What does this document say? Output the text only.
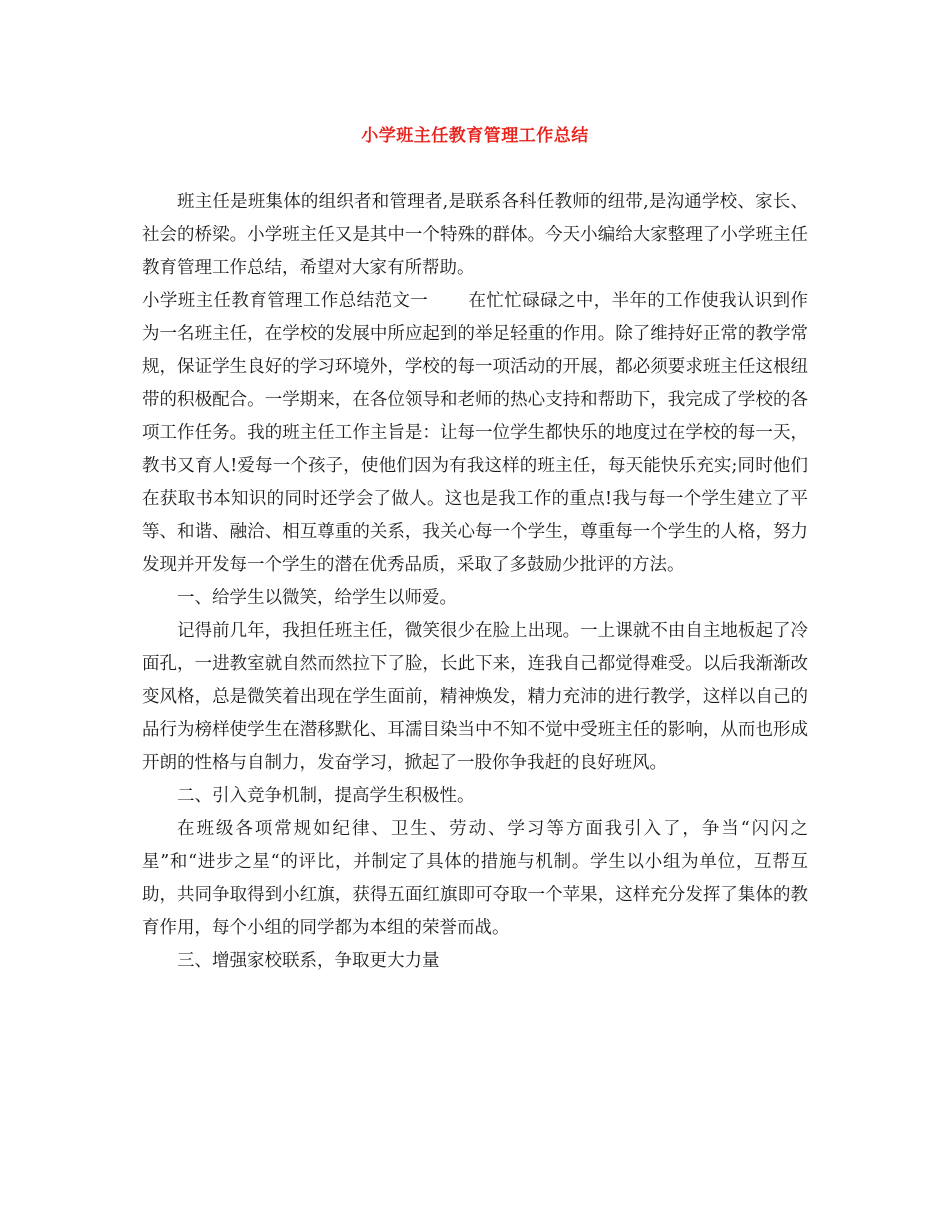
小学班主任教育管理工作总结

班主任是班集体的组织者和管理者,是联系各科任教师的纽带,是沟通学校、家长、社会的桥梁。小学班主任又是其中一个特殊的群体。今天小编给大家整理了小学班主任教育管理工作总结，希望对大家有所帮助。

小学班主任教育管理工作总结范文一 在忙忙碌碌之中，半年的工作使我认识到作为一名班主任，在学校的发展中所应起到的举足轻重的作用。除了维持好正常的教学常规，保证学生良好的学习环境外，学校的每一项活动的开展，都必须要求班主任这根纽带的积极配合。一学期来，在各位领导和老师的热心支持和帮助下，我完成了学校的各项工作任务。我的班主任工作主旨是：让每一位学生都快乐的地度过在学校的每一天，教书又育人!爱每一个孩子，使他们因为有我这样的班主任，每天能快乐充实;同时他们在获取书本知识的同时还学会了做人。这也是我工作的重点!我与每一个学生建立了平等、和谐、融洽、相互尊重的关系，我关心每一个学生，尊重每一个学生的人格，努力发现并开发每一个学生的潜在优秀品质，采取了多鼓励少批评的方法。

一、给学生以微笑，给学生以师爱。

记得前几年，我担任班主任，微笑很少在脸上出现。一上课就不由自主地板起了冷面孔，一进教室就自然而然拉下了脸，长此下来，连我自己都觉得难受。以后我渐渐改变风格，总是微笑着出现在学生面前，精神焕发，精力充沛的进行教学，这样以自己的品行为榜样使学生在潜移默化、耳濡目染当中不知不觉中受班主任的影响，从而也形成开朗的性格与自制力，发奋学习，掀起了一股你争我赶的良好班风。

二、引入竞争机制，提高学生积极性。

在班级各项常规如纪律、卫生、劳动、学习等方面我引入了，争当“闪闪之星”和“进步之星“的评比，并制定了具体的措施与机制。学生以小组为单位，互帮互助，共同争取得到小红旗，获得五面红旗即可夺取一个苹果，这样充分发挥了集体的教育作用，每个小组的同学都为本组的荣誉而战。

三、增强家校联系，争取更大力量
